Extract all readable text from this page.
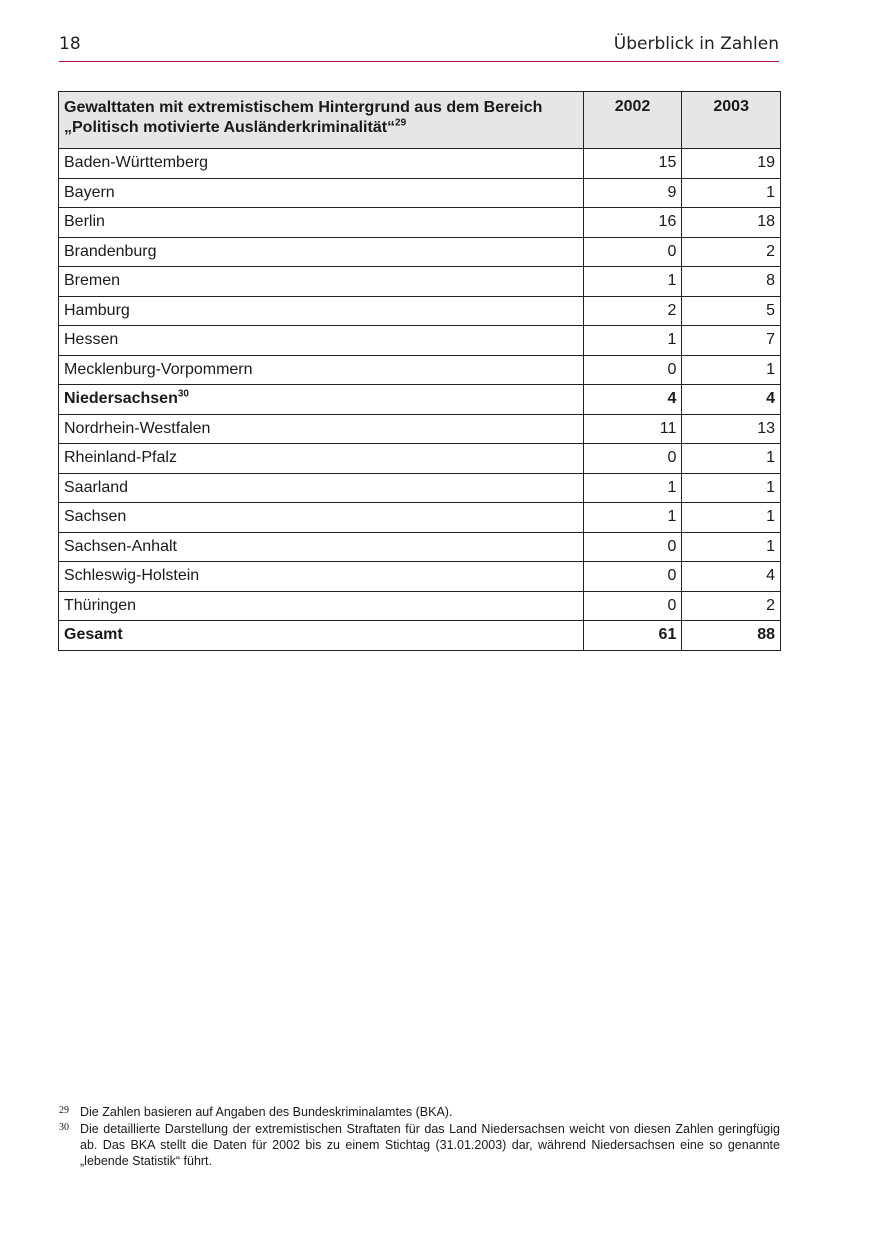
18	Überblick in Zahlen
Gewalttaten mit extremistischem Hintergrund aus dem Bereich „Politisch motivierte Ausländerkriminalität“$^{29}$	2002	2003
Baden-Württemberg	15	19
Bayern	9	1
Berlin	16	18
Brandenburg	0	2
Bremen	1	8
Hamburg	2	5
Hessen	1	7
Mecklenburg-Vorpommern	0	1
Niedersachsen$^{30}$	4	4
Nordrhein-Westfalen	11	13
Rheinland-Pfalz	0	1
Saarland	1	1
Sachsen	1	1
Sachsen-Anhalt	0	1
Schleswig-Holstein	0	4
Thüringen	0	2
Gesamt	61	88
29 Die Zahlen basieren auf Angaben des Bundeskriminalamtes (BKA).
30 Die detaillierte Darstellung der extremistischen Straftaten für das Land Niedersachsen weicht von diesen Zahlen geringfügig ab. Das BKA stellt die Daten für 2002 bis zu einem Stichtag (31.01.2003) dar, während Niedersachsen eine so genannte „lebende Statistik“ führt.
